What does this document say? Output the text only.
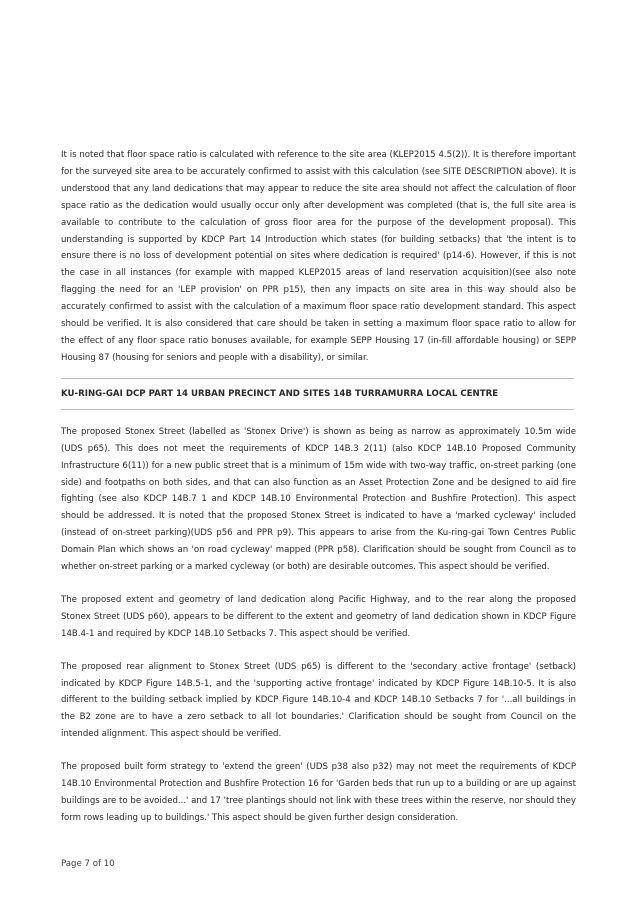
It is noted that floor space ratio is calculated with reference to the site area (KLEP2015 4.5(2)). It is therefore important for the surveyed site area to be accurately confirmed to assist with this calculation (see SITE DESCRIPTION above). It is understood that any land dedications that may appear to reduce the site area should not affect the calculation of floor space ratio as the dedication would usually occur only after development was completed (that is, the full site area is available to contribute to the calculation of gross floor area for the purpose of the development proposal). This understanding is supported by KDCP Part 14 Introduction which states (for building setbacks) that 'the intent is to ensure there is no loss of development potential on sites where dedication is required' (p14-6). However, if this is not the case in all instances (for example with mapped KLEP2015 areas of land reservation acquisition)(see also note flagging the need for an 'LEP provision' on PPR p15), then any impacts on site area in this way should also be accurately confirmed to assist with the calculation of a maximum floor space ratio development standard. This aspect should be verified. It is also considered that care should be taken in setting a maximum floor space ratio to allow for the effect of any floor space ratio bonuses available, for example SEPP Housing 17 (in-fill affordable housing) or SEPP Housing 87 (housing for seniors and people with a disability), or similar.

KU-RING-GAI DCP PART 14 URBAN PRECINCT AND SITES 14B TURRAMURRA LOCAL CENTRE

The proposed Stonex Street (labelled as 'Stonex Drive') is shown as being as narrow as approximately 10.5m wide (UDS p65). This does not meet the requirements of KDCP 14B.3 2(11) (also KDCP 14B.10 Proposed Community Infrastructure 6(11)) for a new public street that is a minimum of 15m wide with two-way traffic, on-street parking (one side) and footpaths on both sides, and that can also function as an Asset Protection Zone and be designed to aid fire fighting (see also KDCP 14B.7 1 and KDCP 14B.10 Environmental Protection and Bushfire Protection). This aspect should be addressed. It is noted that the proposed Stonex Street is indicated to have a 'marked cycleway' included (instead of on-street parking)(UDS p56 and PPR p9). This appears to arise from the Ku-ring-gai Town Centres Public Domain Plan which shows an 'on road cycleway' mapped (PPR p58). Clarification should be sought from Council as to whether on-street parking or a marked cycleway (or both) are desirable outcomes. This aspect should be verified.

The proposed extent and geometry of land dedication along Pacific Highway, and to the rear along the proposed Stonex Street (UDS p60), appears to be different to the extent and geometry of land dedication shown in KDCP Figure 14B.4-1 and required by KDCP 14B.10 Setbacks 7. This aspect should be verified.

The proposed rear alignment to Stonex Street (UDS p65) is different to the 'secondary active frontage' (setback) indicated by KDCP Figure 14B.5-1, and the 'supporting active frontage' indicated by KDCP Figure 14B.10-5. It is also different to the building setback implied by KDCP Figure 14B.10-4 and KDCP 14B.10 Setbacks 7 for '...all buildings in the B2 zone are to have a zero setback to all lot boundaries.' Clarification should be sought from Council on the intended alignment. This aspect should be verified.

The proposed built form strategy to 'extend the green' (UDS p38 also p32) may not meet the requirements of KDCP 14B.10 Environmental Protection and Bushfire Protection 16 for 'Garden beds that run up to a building or are up against buildings are to be avoided...' and 17 'tree plantings should not link with these trees within the reserve, nor should they form rows leading up to buildings.' This aspect should be given further design consideration.

Page 7 of 10
